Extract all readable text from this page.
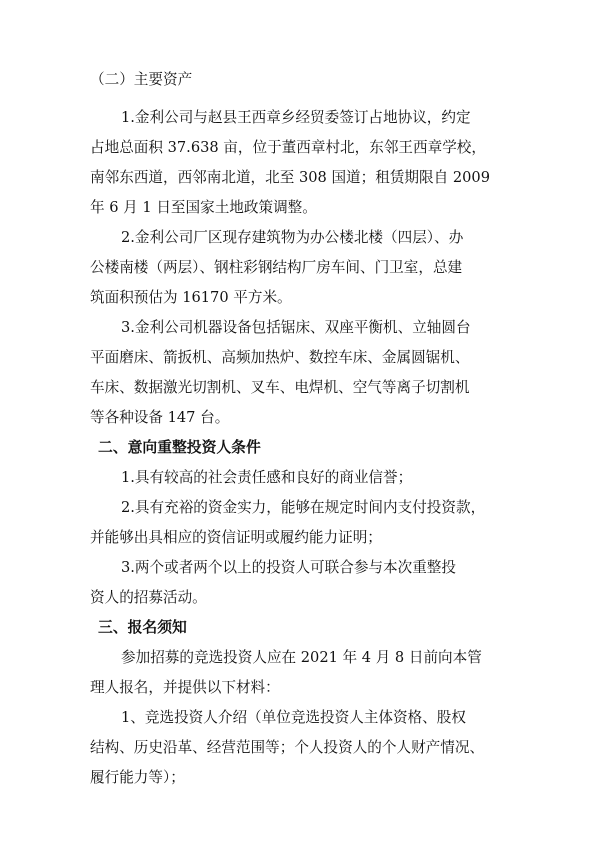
（二）主要资产
1.金利公司与赵县王西章乡经贸委签订占地协议，约定
占地总面积 37.638 亩，位于董西章村北，东邻王西章学校，
南邻东西道，西邻南北道，北至 308 国道；租赁期限自 2009
年 6 月 1 日至国家土地政策调整。
2.金利公司厂区现存建筑物为办公楼北楼（四层）、办
公楼南楼（两层）、钢柱彩钢结构厂房车间、门卫室，总建
筑面积预估为 16170 平方米。
3.金利公司机器设备包括锯床、双座平衡机、立轴圆台
平面磨床、箭扳机、高频加热炉、数控车床、金属圆锯机、
车床、数据激光切割机、叉车、电焊机、空气等离子切割机
等各种设备 147 台。
二、意向重整投资人条件
1.具有较高的社会责任感和良好的商业信誉；
2.具有充裕的资金实力，能够在规定时间内支付投资款，
并能够出具相应的资信证明或履约能力证明；
3.两个或者两个以上的投资人可联合参与本次重整投
资人的招募活动。
三、报名须知
参加招募的竞选投资人应在 2021 年 4 月 8 日前向本管
理人报名，并提供以下材料：
1、竞选投资人介绍（单位竞选投资人主体资格、股权
结构、历史沿革、经营范围等；个人投资人的个人财产情况、
履行能力等）；
